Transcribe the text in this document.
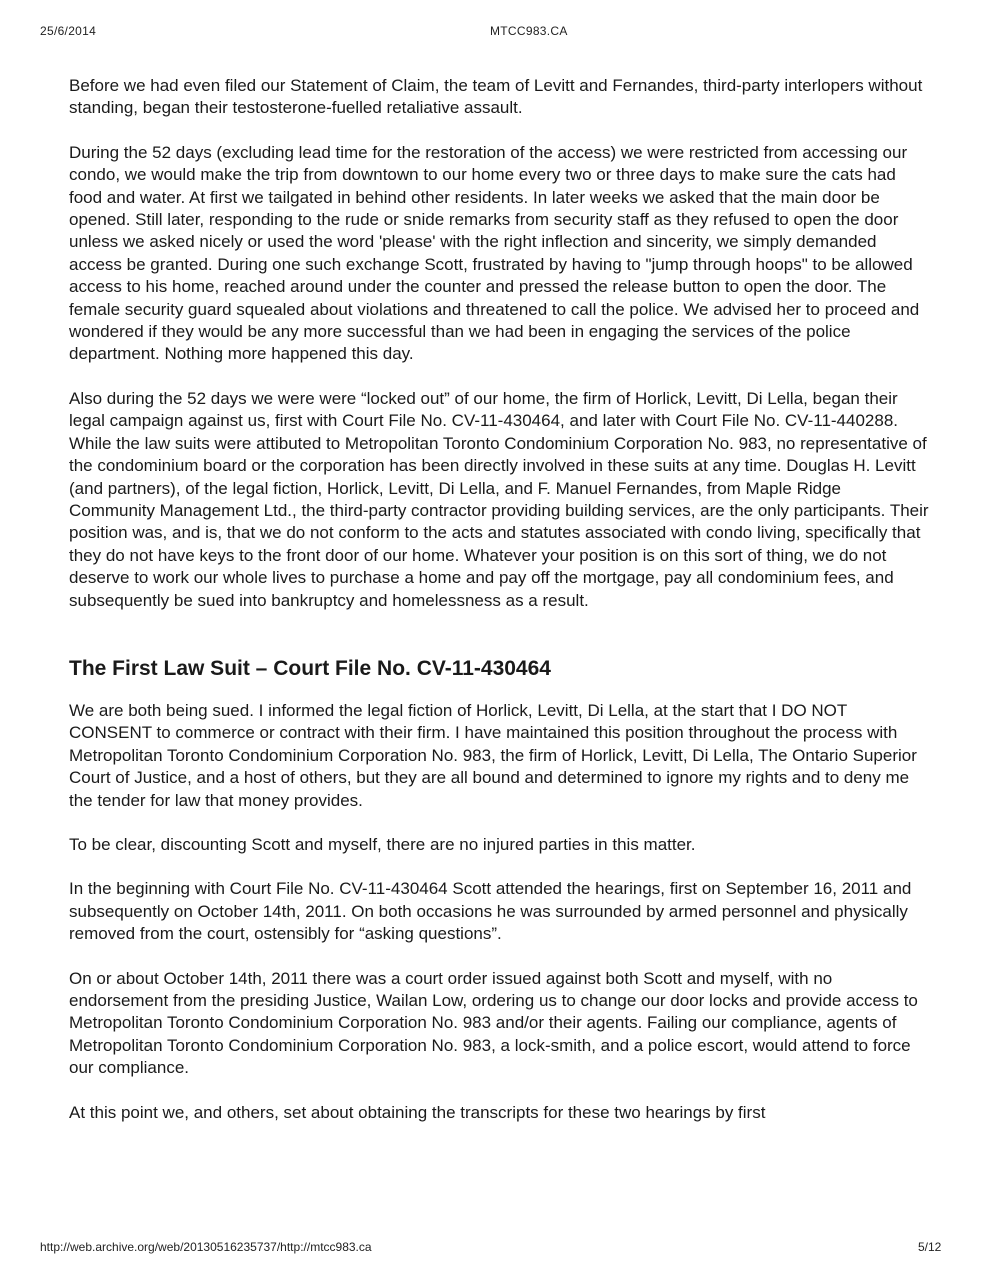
25/6/2014	MTCC983.CA

Before we had even filed our Statement of Claim, the team of Levitt and Fernandes, third-party interlopers without standing, began their testosterone-fuelled retaliative assault.

During the 52 days (excluding lead time for the restoration of the access) we were restricted from accessing our condo, we would make the trip from downtown to our home every two or three days to make sure the cats had food and water. At first we tailgated in behind other residents. In later weeks we asked that the main door be opened. Still later, responding to the rude or snide remarks from security staff as they refused to open the door unless we asked nicely or used the word 'please' with the right inflection and sincerity, we simply demanded access be granted. During one such exchange Scott, frustrated by having to "jump through hoops" to be allowed access to his home, reached around under the counter and pressed the release button to open the door. The female security guard squealed about violations and threatened to call the police. We advised her to proceed and wondered if they would be any more successful than we had been in engaging the services of the police department. Nothing more happened this day.

Also during the 52 days we were were “locked out” of our home, the firm of Horlick, Levitt, Di Lella, began their legal campaign against us, first with Court File No. CV-11-430464, and later with Court File No. CV-11-440288. While the law suits were attibuted to Metropolitan Toronto Condominium Corporation No. 983, no representative of the condominium board or the corporation has been directly involved in these suits at any time. Douglas H. Levitt (and partners), of the legal fiction, Horlick, Levitt, Di Lella, and F. Manuel Fernandes, from Maple Ridge Community Management Ltd., the third-party contractor providing building services, are the only participants. Their position was, and is, that we do not conform to the acts and statutes associated with condo living, specifically that they do not have keys to the front door of our home. Whatever your position is on this sort of thing, we do not deserve to work our whole lives to purchase a home and pay off the mortgage, pay all condominium fees, and subsequently be sued into bankruptcy and homelessness as a result.

The First Law Suit – Court File No. CV-11-430464

We are both being sued. I informed the legal fiction of Horlick, Levitt, Di Lella, at the start that I DO NOT CONSENT to commerce or contract with their firm. I have maintained this position throughout the process with Metropolitan Toronto Condominium Corporation No. 983, the firm of Horlick, Levitt, Di Lella, The Ontario Superior Court of Justice, and a host of others, but they are all bound and determined to ignore my rights and to deny me the tender for law that money provides.

To be clear, discounting Scott and myself, there are no injured parties in this matter.

In the beginning with Court File No. CV-11-430464 Scott attended the hearings, first on September 16, 2011 and subsequently on October 14th, 2011. On both occasions he was surrounded by armed personnel and physically removed from the court, ostensibly for “asking questions”.

On or about October 14th, 2011 there was a court order issued against both Scott and myself, with no endorsement from the presiding Justice, Wailan Low, ordering us to change our door locks and provide access to Metropolitan Toronto Condominium Corporation No. 983 and/or their agents. Failing our compliance, agents of Metropolitan Toronto Condominium Corporation No. 983, a lock-smith, and a police escort, would attend to force our compliance.

At this point we, and others, set about obtaining the transcripts for these two hearings by first

http://web.archive.org/web/20130516235737/http://mtcc983.ca	5/12
